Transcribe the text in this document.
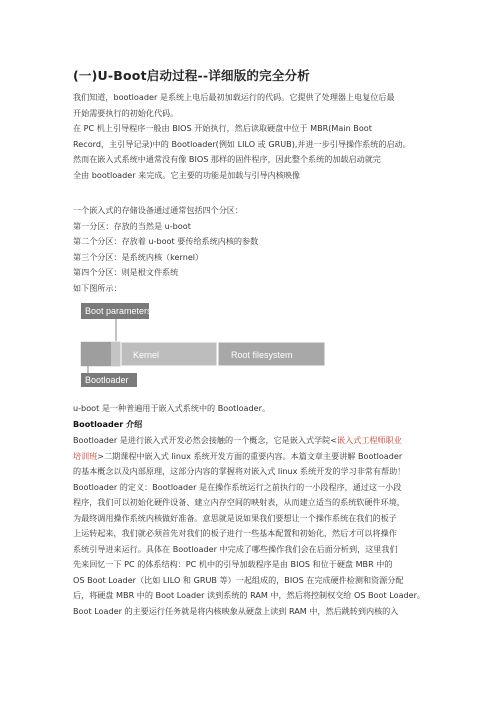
(一)U-Boot启动过程--详细版的完全分析

我们知道，bootloader 是系统上电后最初加载运行的代码。它提供了处理器上电复位后最
开始需要执行的初始化代码。
在 PC 机上引导程序一般由 BIOS 开始执行，然后读取硬盘中位于 MBR(Main Boot
Record，主引导记录)中的 Bootloader(例如 LILO 或 GRUB),并进一步引导操作系统的启动。
然而在嵌入式系统中通常没有像 BIOS 那样的固件程序，因此整个系统的加载启动就完
全由 bootloader 来完成。它主要的功能是加载与引导内核映像

一个嵌入式的存储设备通过通常包括四个分区：
第一分区：存放的当然是 u-boot
第二个分区：存放着 u-boot 要传给系统内核的参数
第三个分区：是系统内核（kernel）
第四个分区：则是根文件系统
如下图所示：

Boot parameters
Kernel	Root filesystem
Bootloader

u-boot 是一种普遍用于嵌入式系统中的 Bootloader。

Bootloader 介绍

Bootloader 是进行嵌入式开发必然会接触的一个概念，它是嵌入式学院<嵌入式工程师职业
培训班>二期课程中嵌入式 linux 系统开发方面的重要内容。本篇文章主要讲解 Bootloader
的基本概念以及内部原理，这部分内容的掌握将对嵌入式 linux 系统开发的学习非常有帮助！
Bootloader 的定义：Bootloader 是在操作系统运行之前执行的一小段程序，通过这一小段
程序，我们可以初始化硬件设备、建立内存空间的映射表，从而建立适当的系统软硬件环境，
为最终调用操作系统内核做好准备。意思就是说如果我们要想让一个操作系统在我们的板子
上运转起来，我们就必须首先对我们的板子进行一些基本配置和初始化，然后才可以将操作
系统引导进来运行。具体在 Bootloader 中完成了哪些操作我们会在后面分析到，这里我们
先来回忆一下 PC 的体系结构：PC 机中的引导加载程序是由 BIOS 和位于硬盘 MBR 中的
OS Boot Loader（比如 LILO 和 GRUB 等）一起组成的，BIOS 在完成硬件检测和资源分配
后，将硬盘 MBR 中的 Boot Loader 读到系统的 RAM 中，然后将控制权交给 OS Boot Loader。
Boot Loader 的主要运行任务就是将内核映象从硬盘上读到 RAM 中，然后跳转到内核的入
